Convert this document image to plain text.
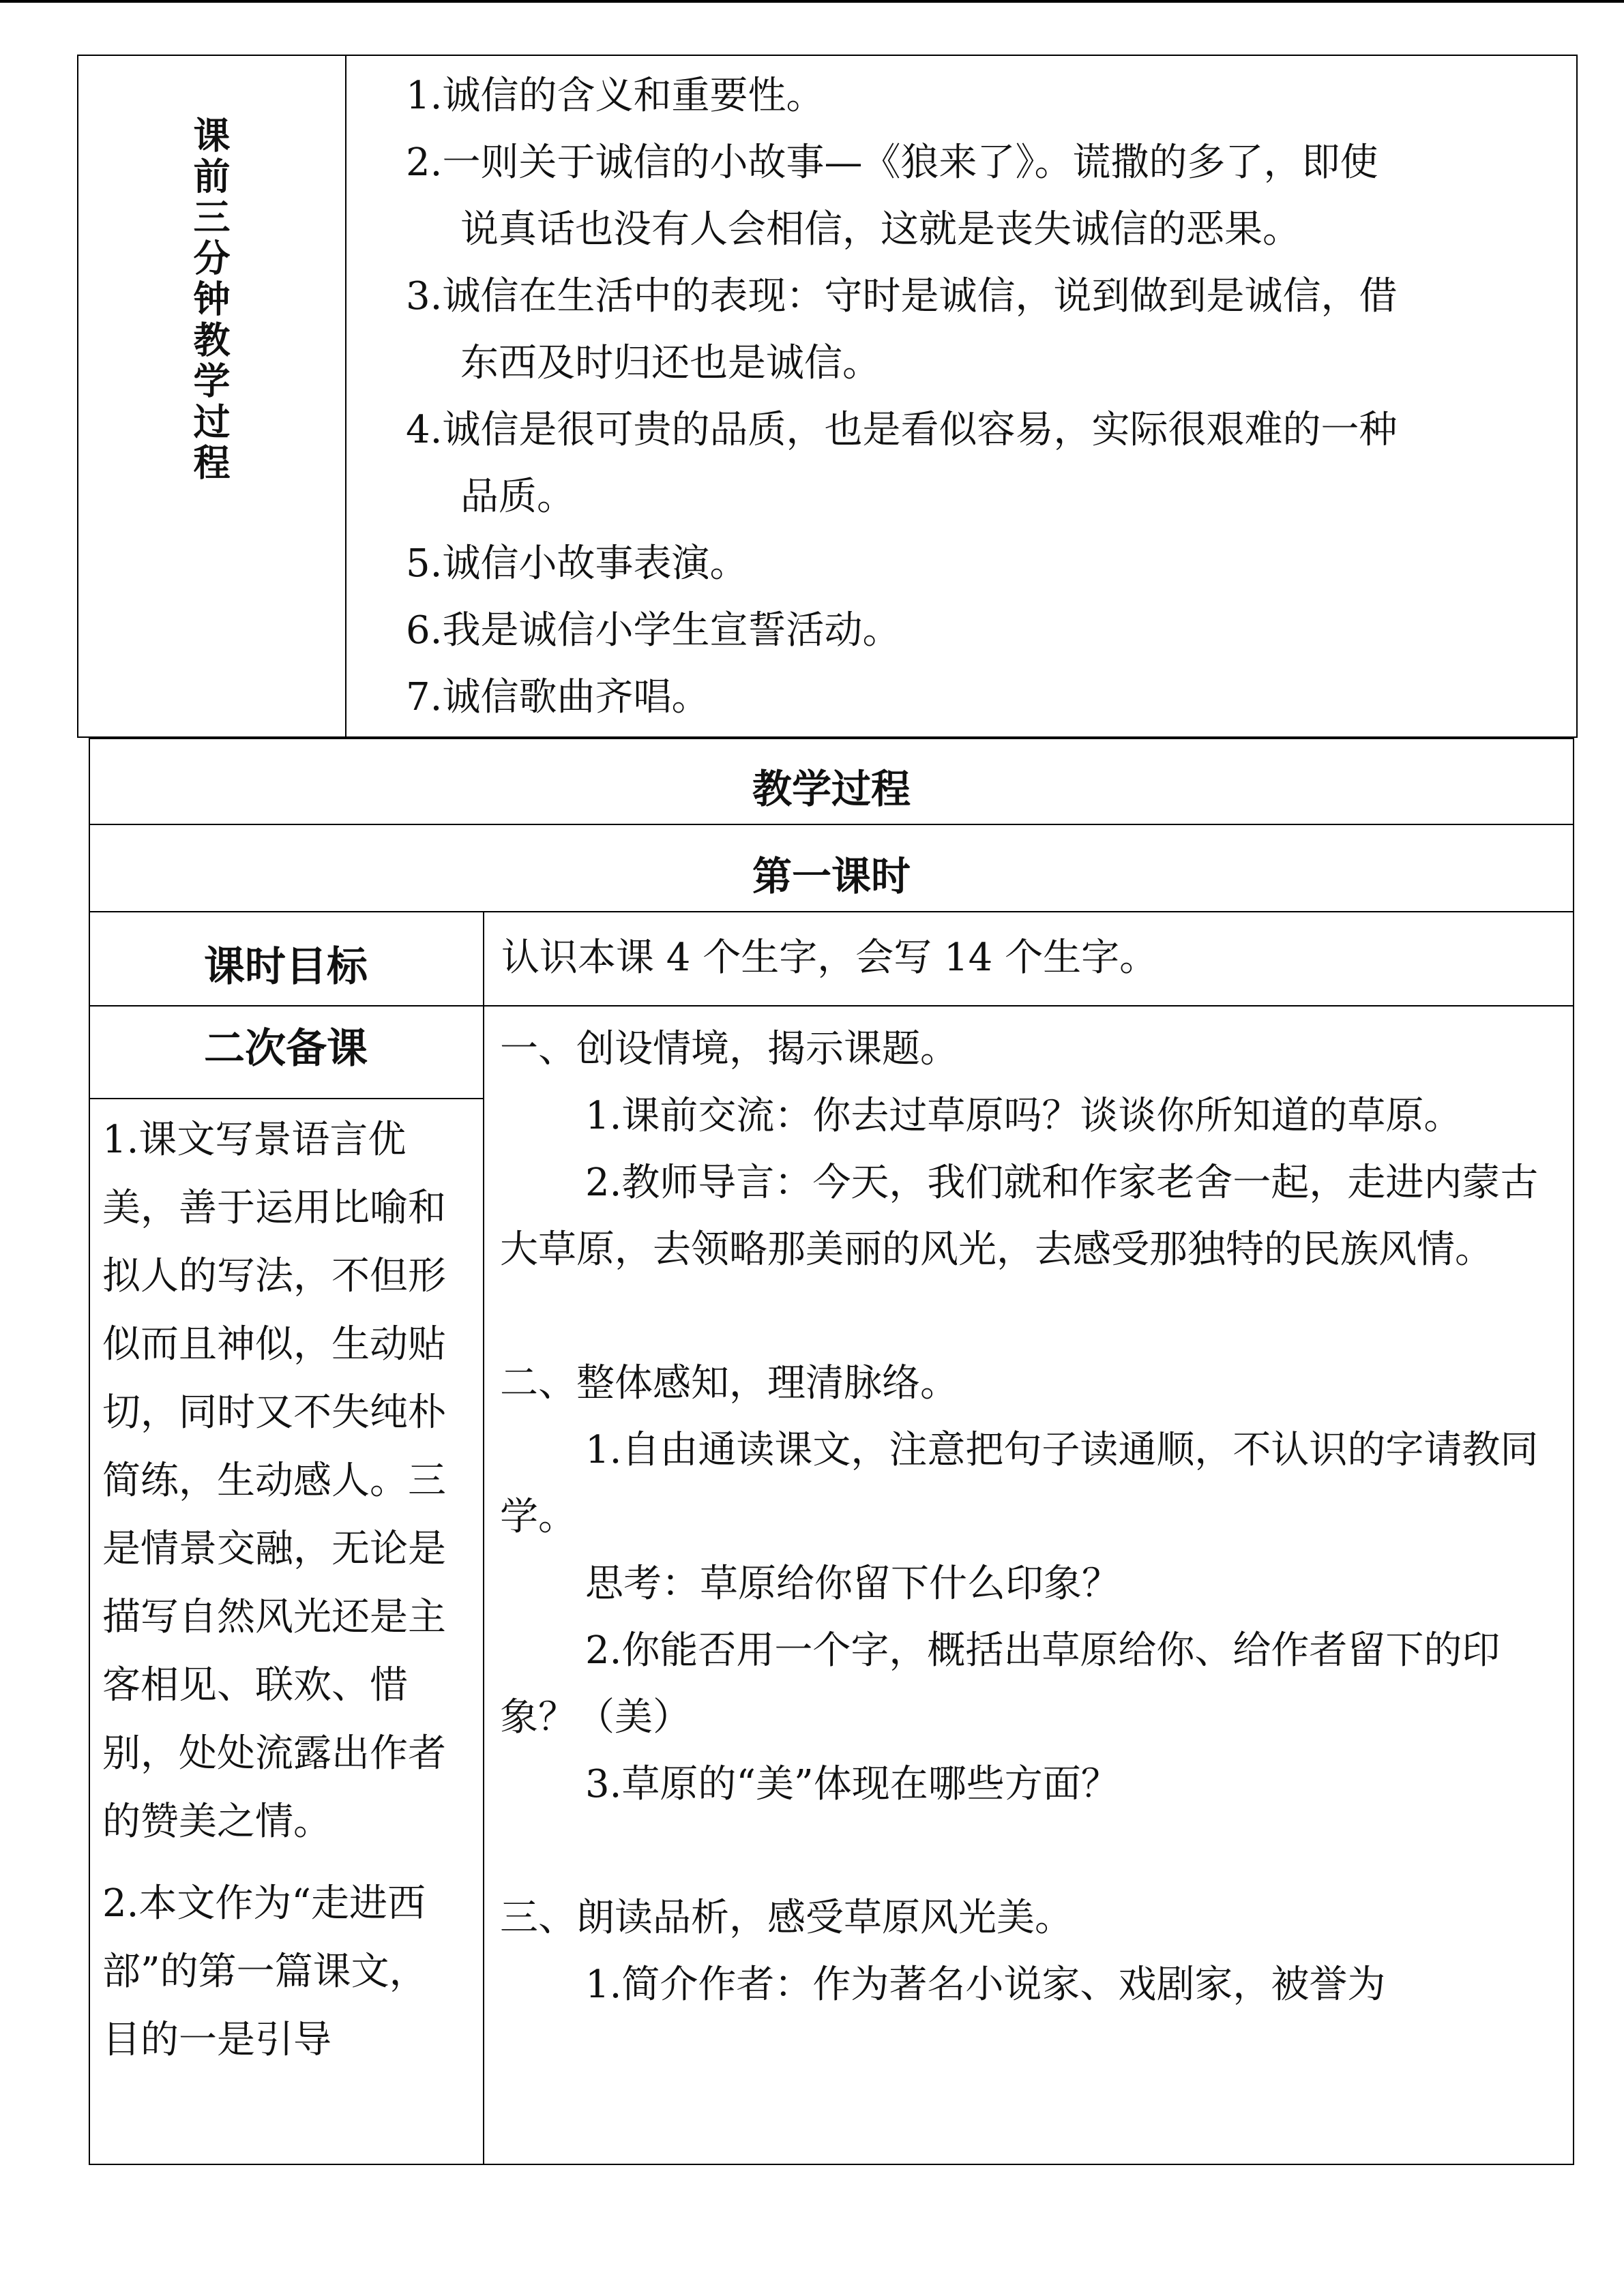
课前三分钟教学过程
1.诚信的含义和重要性。
2.一则关于诚信的小故事—《狼来了》。谎撒的多了，即使
说真话也没有人会相信，这就是丧失诚信的恶果。
3.诚信在生活中的表现：守时是诚信，说到做到是诚信，借
东西及时归还也是诚信。
4.诚信是很可贵的品质，也是看似容易，实际很艰难的一种
品质。
5.诚信小故事表演。
6.我是诚信小学生宣誓活动。
7.诚信歌曲齐唱。
教学过程
第一课时
课时目标	认识本课 4 个生字，会写 14 个生字。
二次备课

1.课文写景语言优美，善于运用比喻和拟人的写法，不但形似而且神似，生动贴切，同时又不失纯朴简练，生动感人。三是情景交融，无论是描写自然风光还是主客相见、联欢、惜别，处处流露出作者的赞美之情。

2.本文作为“走进西部”的第一篇课文，目的一是引导

一、创设情境，揭示课题。

1.课前交流：你去过草原吗？谈谈你所知道的草原。

2.教师导言：今天，我们就和作家老舍一起，走进内蒙古大草原，去领略那美丽的风光，去感受那独特的民族风情。

二、整体感知，理清脉络。

1.自由通读课文，注意把句子读通顺，不认识的字请教同学。

思考：草原给你留下什么印象？

2.你能否用一个字，概括出草原给你、给作者留下的印象？（美）

3.草原的“美”体现在哪些方面？

三、朗读品析，感受草原风光美。

1.简介作者：作为著名小说家、戏剧家，被誉为
